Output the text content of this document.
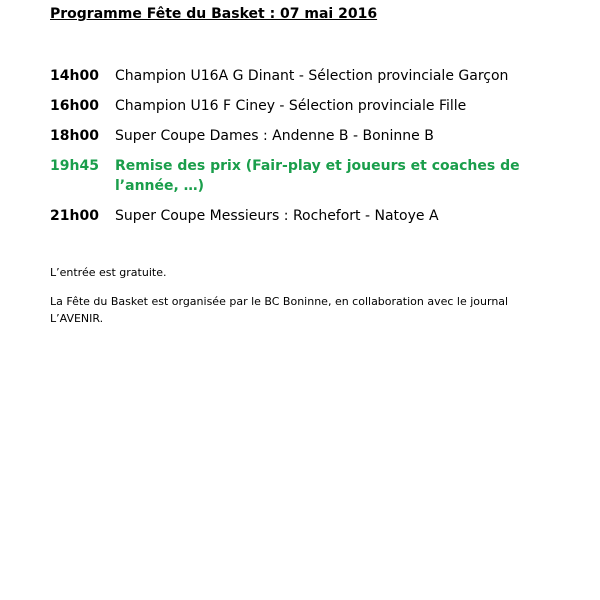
Programme Fête du Basket : 07 mai 2016
14h00	Champion U16A G Dinant - Sélection provinciale Garçon
16h00	Champion U16 F Ciney - Sélection provinciale Fille
18h00	Super Coupe Dames : Andenne B - Boninne B
19h45	Remise des prix (Fair-play et joueurs et coaches de l’année, …)
21h00	Super Coupe Messieurs : Rochefort - Natoye A

L’entrée est gratuite.

La Fête du Basket est organisée par le BC Boninne, en collaboration avec le journal L’AVENIR.
